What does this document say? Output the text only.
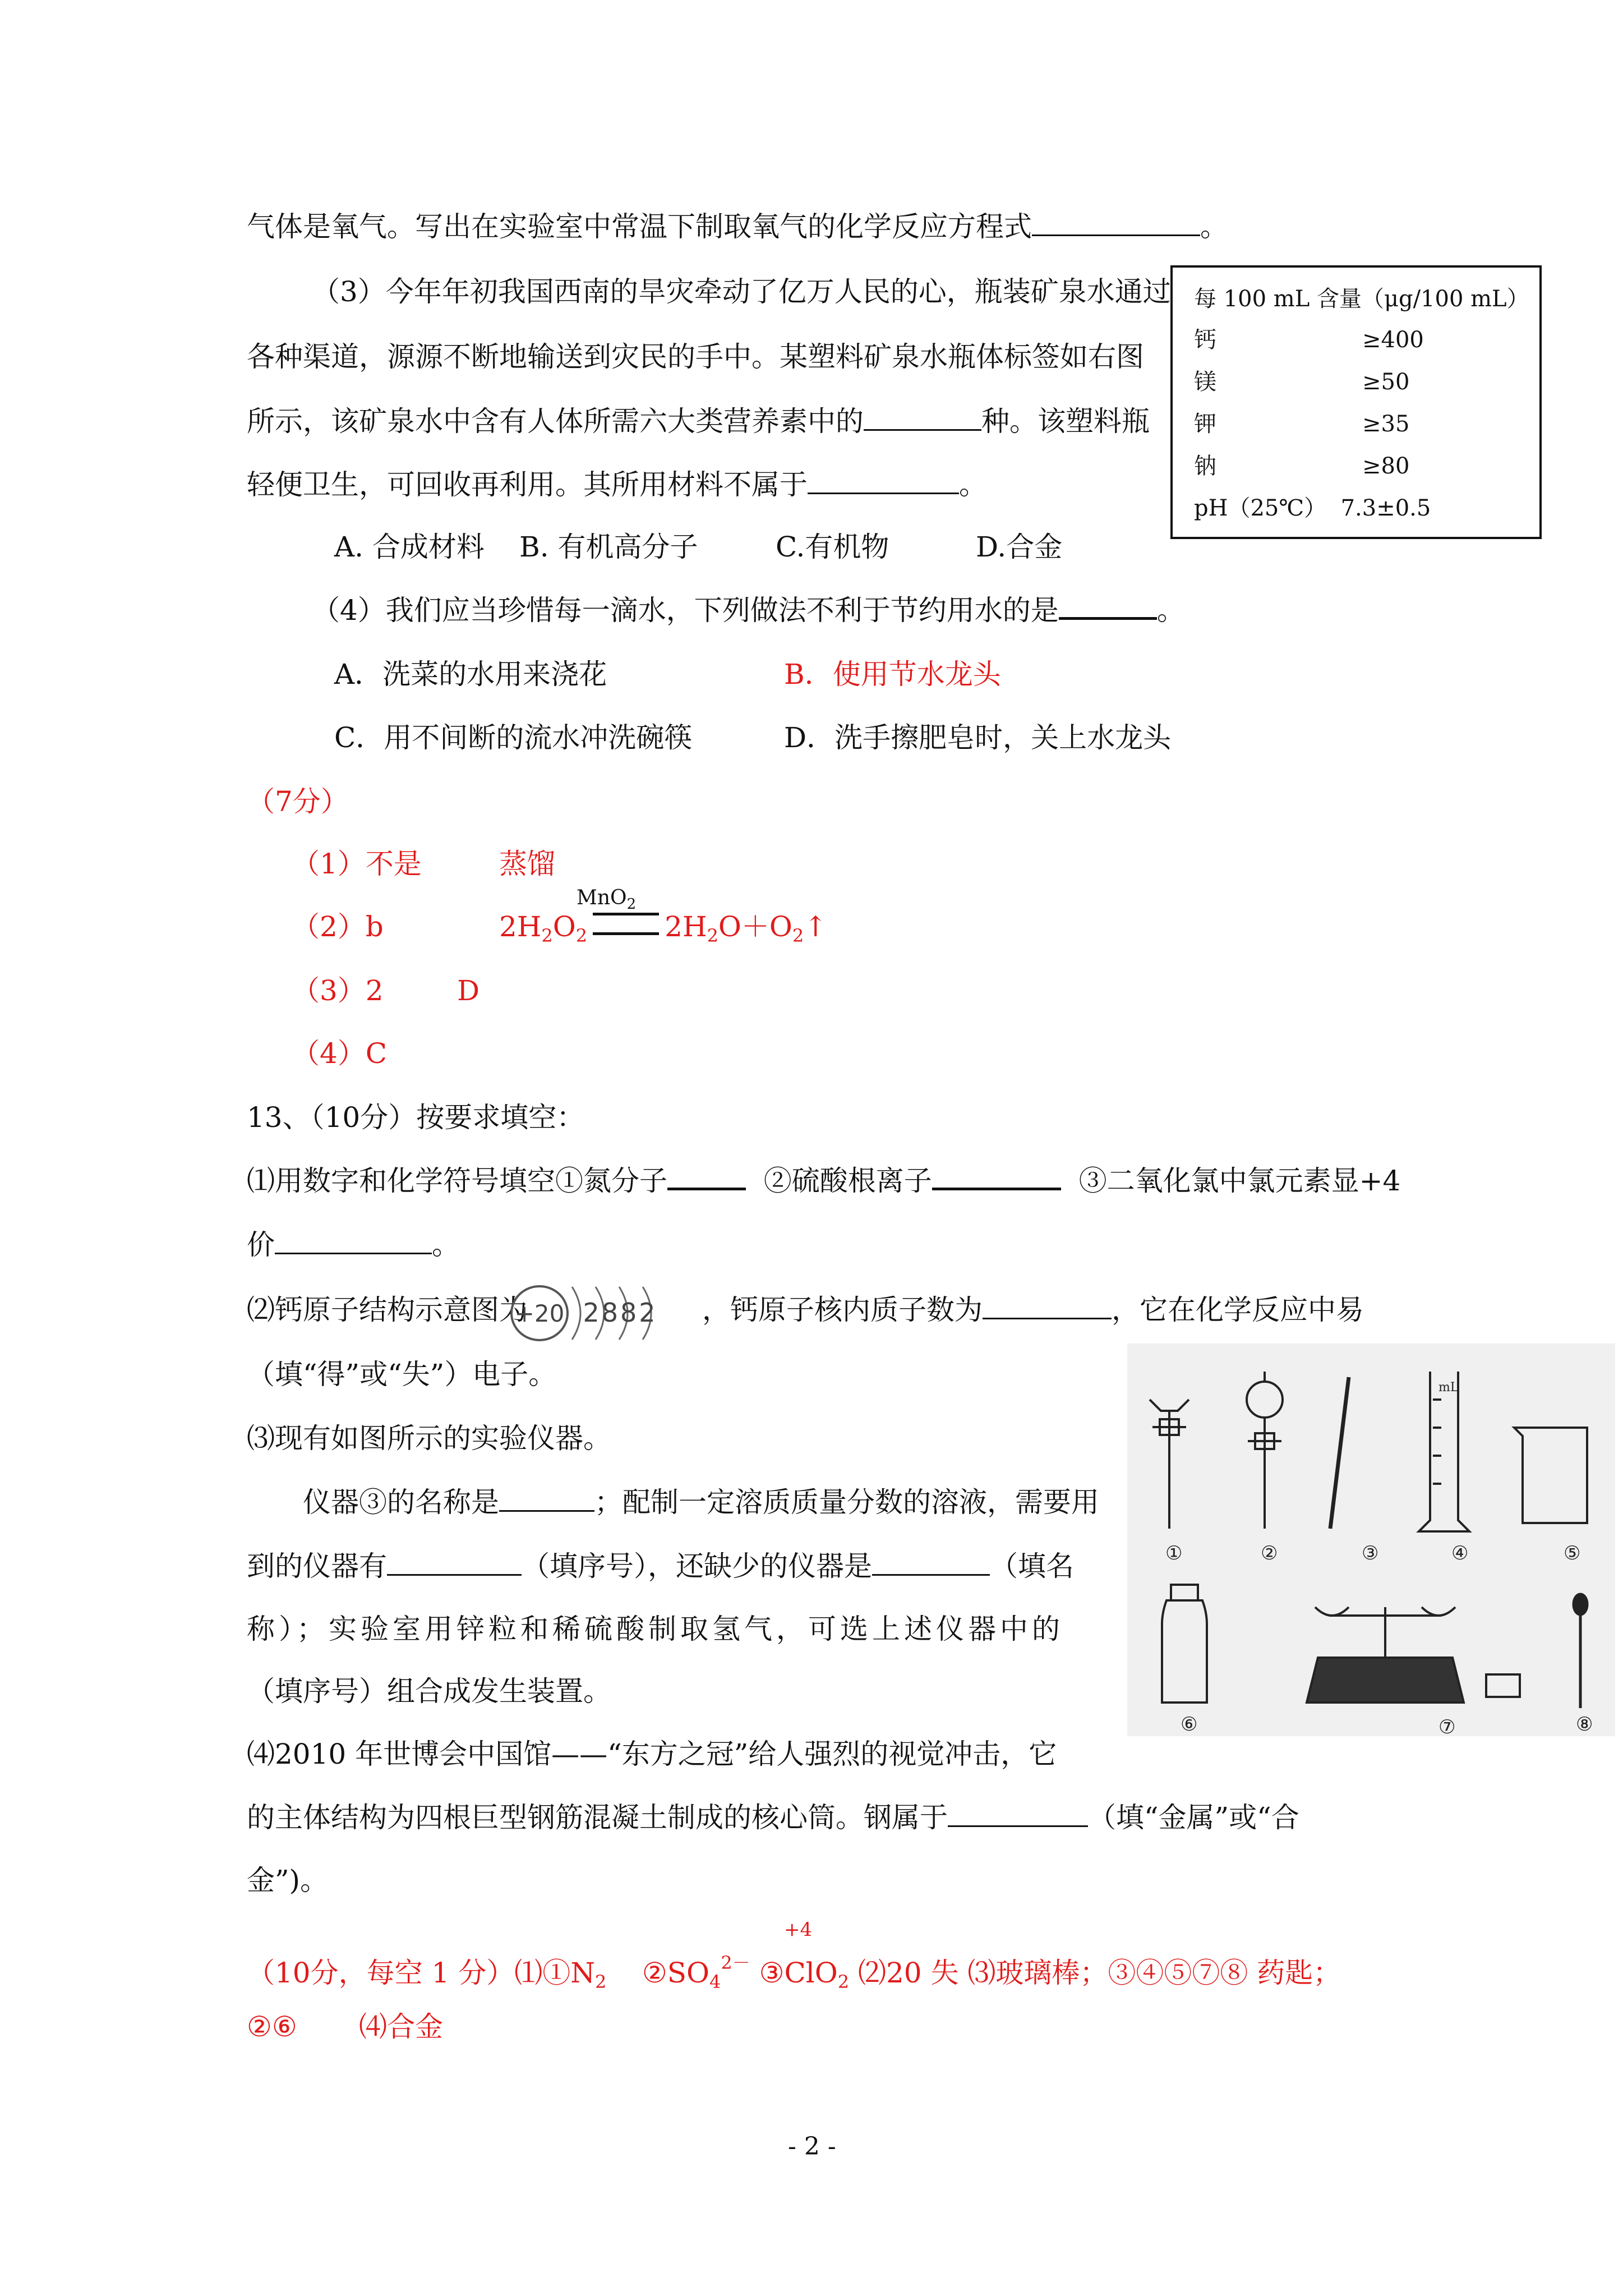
气体是氧气。写出在实验室中常温下制取氧气的化学反应方程式	。
（3）今年年初我国西南的旱灾牵动了亿万人民的心，瓶装矿泉水通过
各种渠道，源源不断地输送到灾民的手中。某塑料矿泉水瓶体标签如右图
所示，该矿泉水中含有人体所需六大类营养素中的	种。该塑料瓶
轻便卫生，可回收再利用。其所用材料不属于	。
A. 合成材料 B. 有机高分子	C.有机物	D.合金
（4）我们应当珍惜每一滴水，下列做法不利于节约用水的是	。
A．洗菜的水用来浇花	B．使用节水龙头
C．用不间断的流水冲洗碗筷	D．洗手擦肥皂时，关上水龙头
每 100 mL 含量（μg/100 mL）
钙	≥400
镁	≥50
钾	≥35
钠	≥80
pH（25℃） 7.3±0.5
（7分）
（1）不是	蒸馏
MnO$_2$
（2）b	$2H_2O_2$	$2H_2O+O_2↑$
（3）2	D
（4）C
13、（10分）按要求填空：
⑴用数字和化学符号填空①氮分子	②硫酸根离子	③二氧化氯中氯元素显+4
价	。
⑵钙原子结构示意图为	，钙原子核内质子数为	，它在化学反应中易
+20 2882
（填“得”或“失”）电子。
⑶现有如图所示的实验仪器。
仪器③的名称是	；配制一定溶质质量分数的溶液，需要用
到的仪器有	（填序号），还缺少的仪器是	（填名
称）；实验室用锌粒和稀硫酸制取氢气，可选上述仪器中的
（填序号）组合成发生装置。
①	②	③
mL
④	⑤
⑥	⑦	⑧
⑷2010 年世博会中国馆——“东方之冠”给人强烈的视觉冲击，它
的主体结构为四根巨型钢筋混凝土制成的核心筒。钢属于	（填“金属”或“合
金”)。
+4
（10分，每空 1 分）$⑴①N_2$ $②SO_4^{2-}$ ③ClO$_2$ ⑵20 失 ⑶玻璃棒；③④⑤⑦⑧ 药匙；
②⑥ ⑷合金
- 2 -
